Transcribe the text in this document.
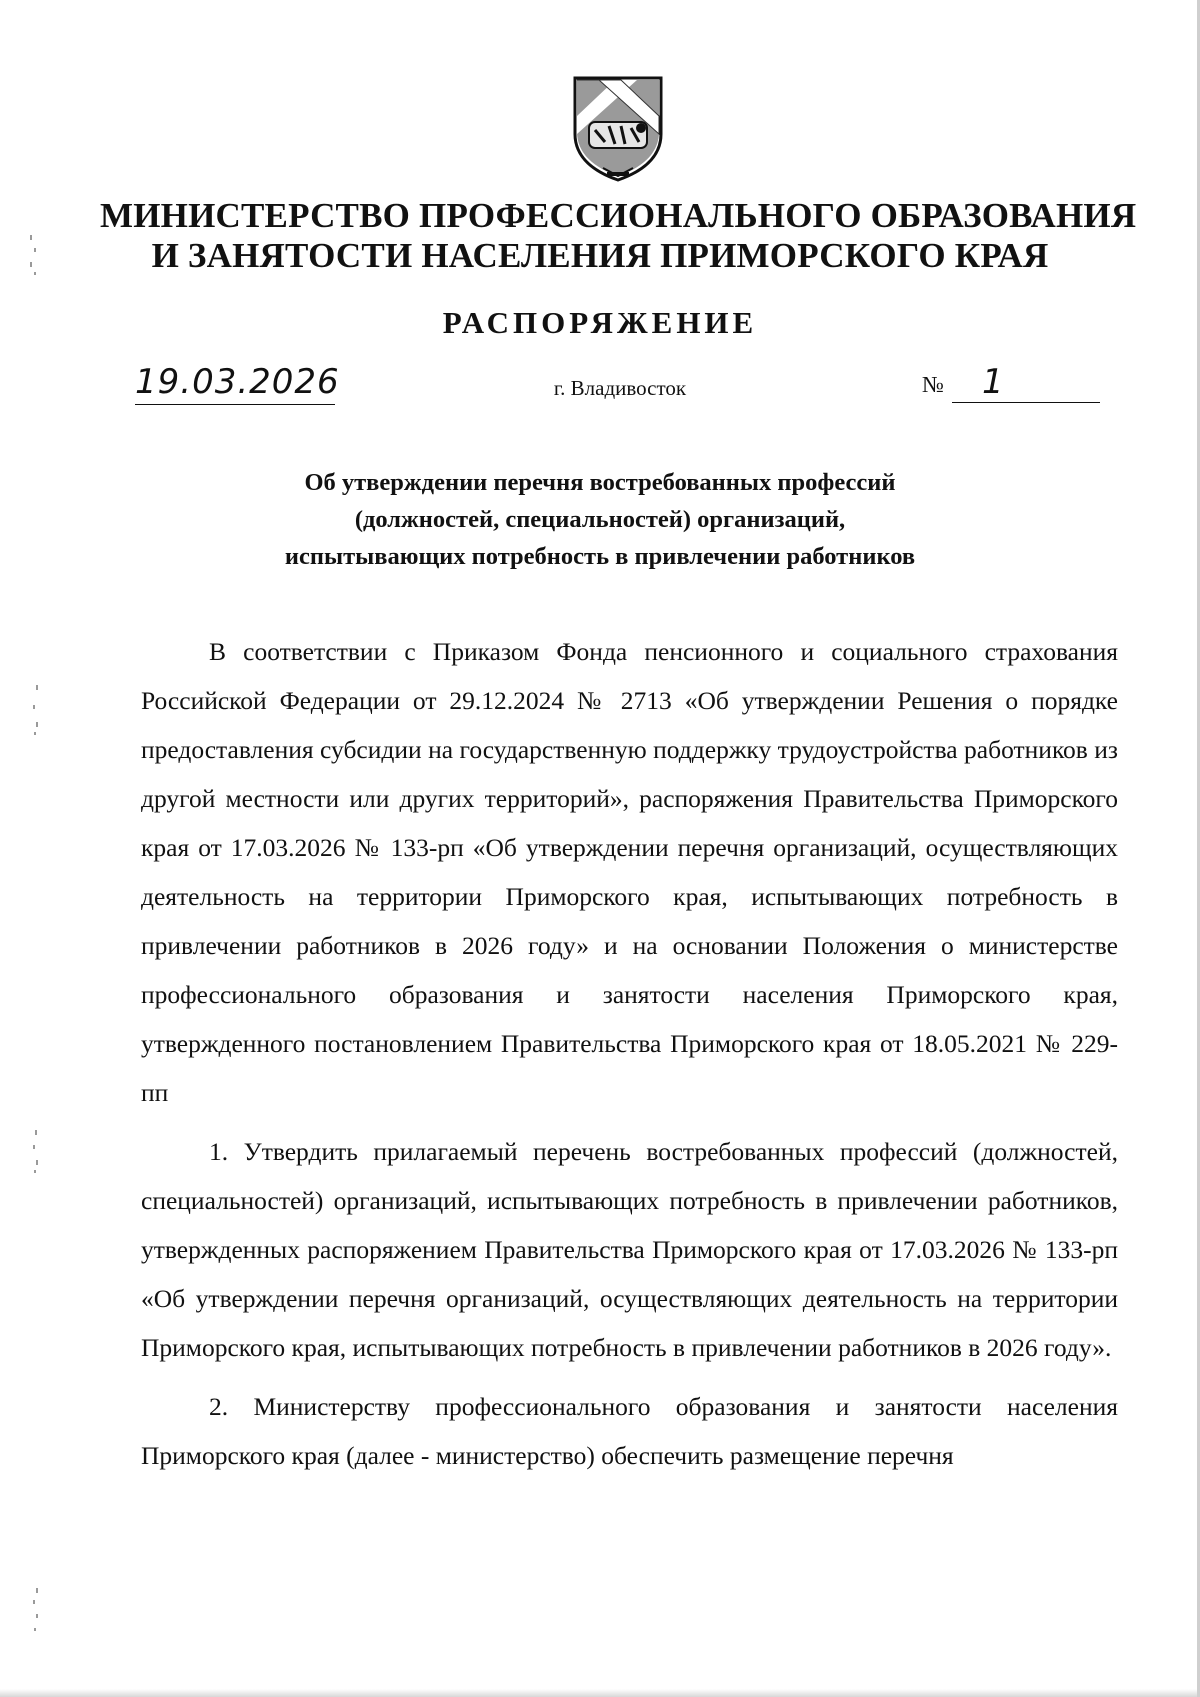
МИНИСТЕРСТВО ПРОФЕССИОНАЛЬНОГО ОБРАЗОВАНИЯ
И ЗАНЯТОСТИ НАСЕЛЕНИЯ ПРИМОРСКОГО КРАЯ
РАСПОРЯЖЕНИЕ
19.03.2026	г. Владивосток	№	1
Об утверждении перечня востребованных профессий
(должностей, специальностей) организаций,
испытывающих потребность в привлечении работников

В соответствии с Приказом Фонда пенсионного и социального страхования Российской Федерации от 29.12.2024 № 2713 «Об утверждении Решения о порядке предоставления субсидии на государственную поддержку трудоустройства работников из другой местности или других территорий», распоряжения Правительства Приморского края от 17.03.2026 № 133-рп «Об утверждении перечня организаций, осуществляющих деятельность на территории Приморского края, испытывающих потребность в привлечении работников в 2026 году» и на основании Положения о министерстве профессионального образования и занятости населения Приморского края, утвержденного постановлением Правительства Приморского края от 18.05.2021 № 229-пп

1. Утвердить прилагаемый перечень востребованных профессий (должностей, специальностей) организаций, испытывающих потребность в привлечении работников, утвержденных распоряжением Правительства Приморского края от 17.03.2026 № 133-рп «Об утверждении перечня организаций, осуществляющих деятельность на территории Приморского края, испытывающих потребность в привлечении работников в 2026 году».

2. Министерству профессионального образования и занятости населения Приморского края (далее - министерство) обеспечить размещение перечня
